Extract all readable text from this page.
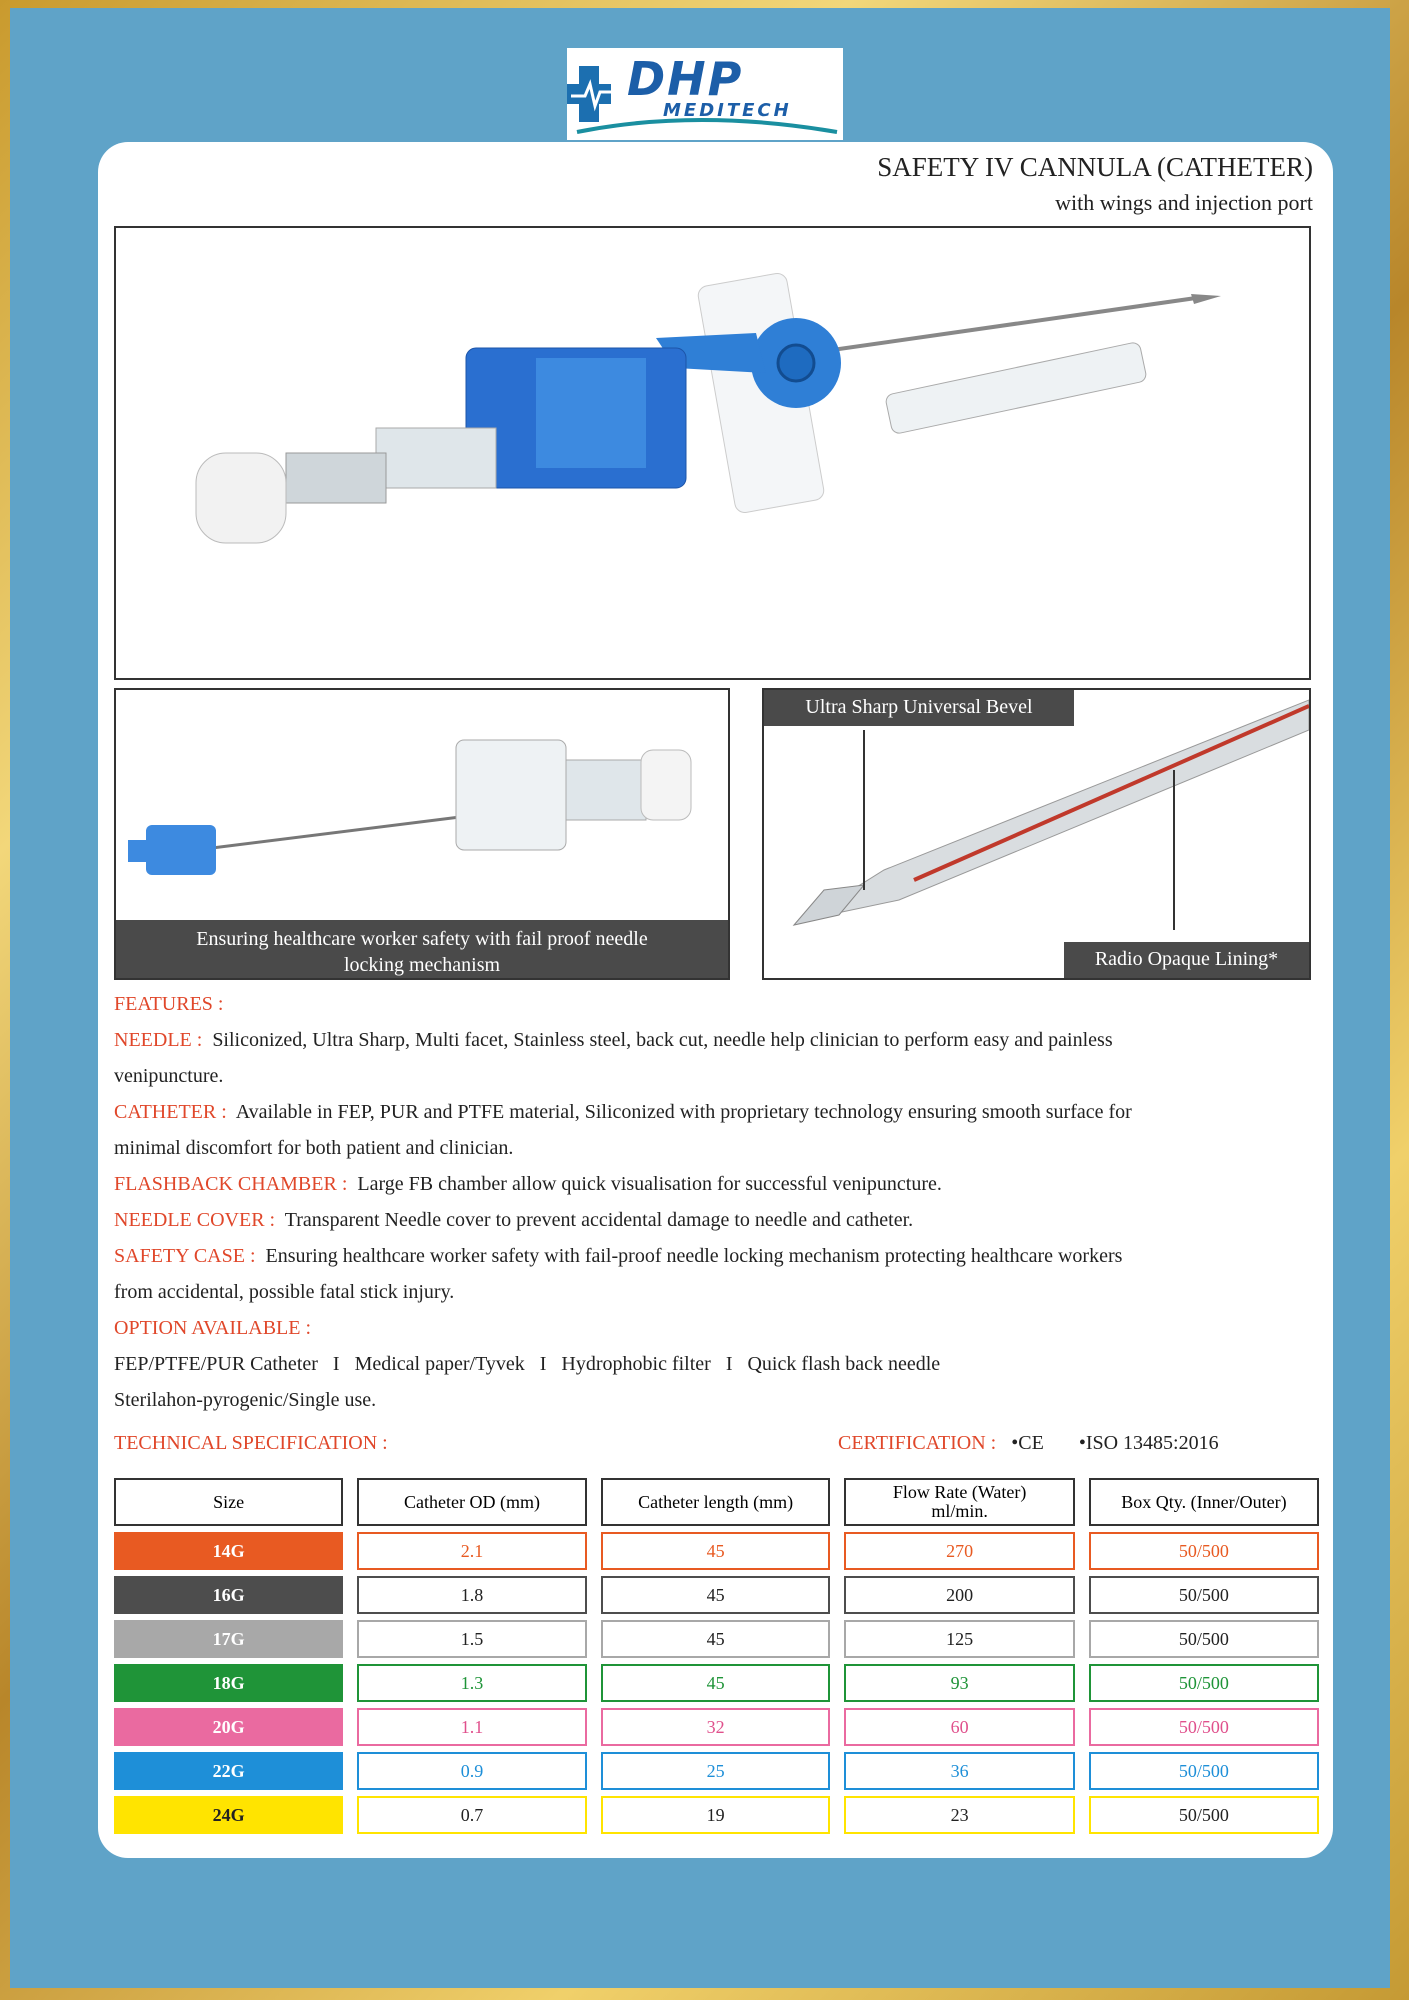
DHP
MEDITECH
SAFETY IV CANNULA (CATHETER)
with wings and injection port
Ensuring healthcare worker safety with fail proof needle locking mechanism
Ultra Sharp Universal Bevel
Radio Opaque Lining*

FEATURES :

NEEDLE : Siliconized, Ultra Sharp, Multi facet, Stainless steel, back cut, needle help clinician to perform easy and painless venipuncture.

CATHETER : Available in FEP, PUR and PTFE material, Siliconized with proprietary technology ensuring smooth surface for minimal discomfort for both patient and clinician.

FLASHBACK CHAMBER : Large FB chamber allow quick visualisation for successful venipuncture.

NEEDLE COVER : Transparent Needle cover to prevent accidental damage to needle and catheter.

SAFETY CASE : Ensuring healthcare worker safety with fail-proof needle locking mechanism protecting healthcare workers from accidental, possible fatal stick injury.

OPTION AVAILABLE :

FEP/PTFE/PUR Catheter   I   Medical paper/Tyvek   I   Hydrophobic filter   I   Quick flash back needle

Sterilahon-pyrogenic/Single use.

TECHNICAL SPECIFICATION :	CERTIFICATION : •CE •ISO 13485:2016
Size	Catheter OD (mm)	Catheter length (mm)	Flow Rate (Water) ml/min.	Box Qty. (Inner/Outer)
14G	2.1	45	270	50/500
16G	1.8	45	200	50/500
17G	1.5	45	125	50/500
18G	1.3	45	93	50/500
20G	1.1	32	60	50/500
22G	0.9	25	36	50/500
24G	0.7	19	23	50/500
